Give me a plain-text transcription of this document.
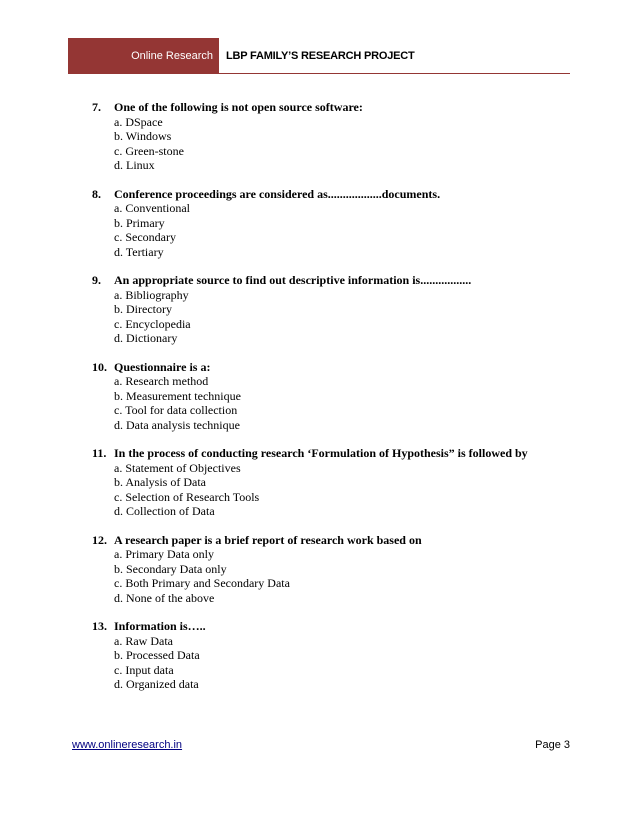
Online Research	LBP FAMILY’S RESEARCH PROJECT
7.	One of the following is not open source software:
a. DSpace
b. Windows
c. Green-stone
d. Linux
8.	Conference proceedings are considered as..................documents.
a. Conventional
b. Primary
c. Secondary
d. Tertiary
9.	An appropriate source to find out descriptive information is.................
a. Bibliography
b. Directory
c. Encyclopedia
d. Dictionary
10. Questionnaire is a:
a. Research method
b. Measurement technique
c. Tool for data collection
d. Data analysis technique
11. In the process of conducting research ‘Formulation of Hypothesis” is followed by
a. Statement of Objectives
b. Analysis of Data
c. Selection of Research Tools
d. Collection of Data
12. A research paper is a brief report of research work based on
a. Primary Data only
b. Secondary Data only
c. Both Primary and Secondary Data
d. None of the above
13. Information is…..
a. Raw Data
b. Processed Data
c. Input data
d. Organized data
www.onlineresearch.in	Page 3
